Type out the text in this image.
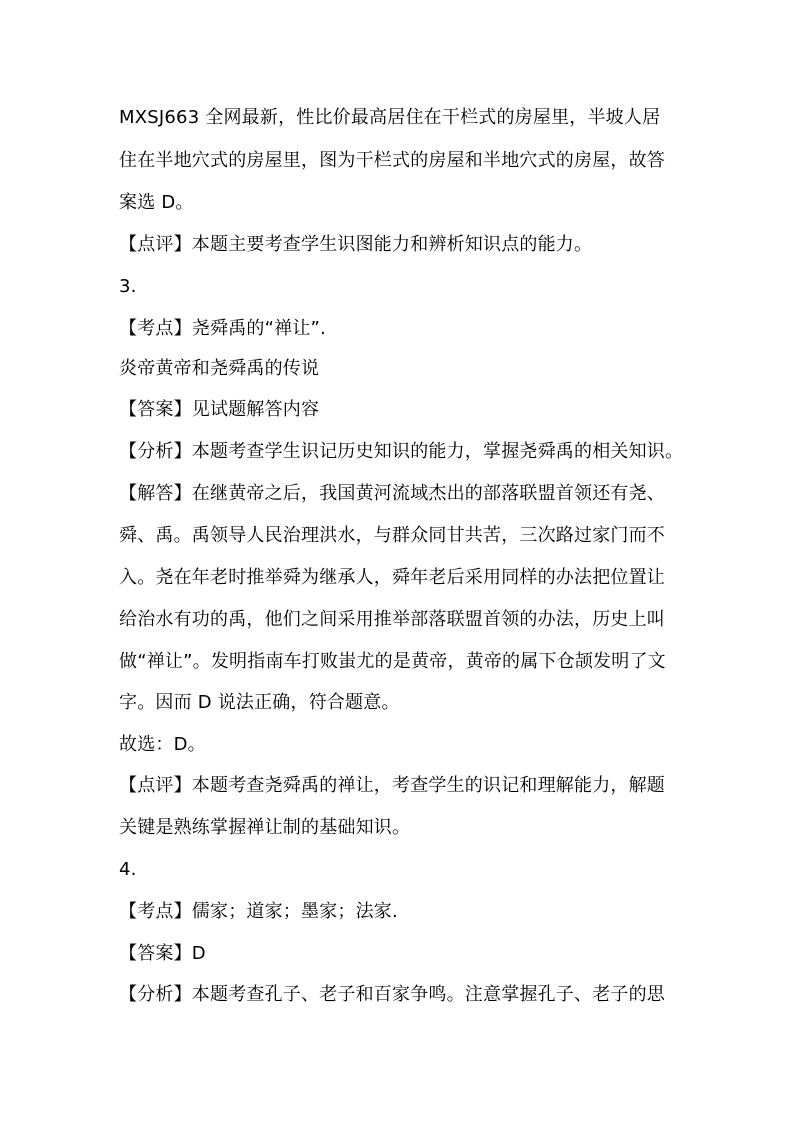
MXSJ663 全网最新，性比价最高居住在干栏式的房屋里，半坡人居

住在半地穴式的房屋里，图为干栏式的房屋和半地穴式的房屋，故答

案选 D。

【点评】本题主要考查学生识图能力和辨析知识点的能力。

3.

【考点】尧舜禹的“禅让”.

炎帝黄帝和尧舜禹的传说

【答案】见试题解答内容

【分析】本题考查学生识记历史知识的能力，掌握尧舜禹的相关知识。

【解答】在继黄帝之后，我国黄河流域杰出的部落联盟首领还有尧、

舜、禹。禹领导人民治理洪水，与群众同甘共苦，三次路过家门而不

入。尧在年老时推举舜为继承人，舜年老后采用同样的办法把位置让

给治水有功的禹，他们之间采用推举部落联盟首领的办法，历史上叫

做“禅让”。发明指南车打败蚩尤的是黄帝，黄帝的属下仓颉发明了文

字。因而 D 说法正确，符合题意。

故选：D。

【点评】本题考查尧舜禹的禅让，考查学生的识记和理解能力，解题

关键是熟练掌握禅让制的基础知识。

4.

【考点】儒家；道家；墨家；法家.

【答案】D

【分析】本题考查孔子、老子和百家争鸣。注意掌握孔子、老子的思
